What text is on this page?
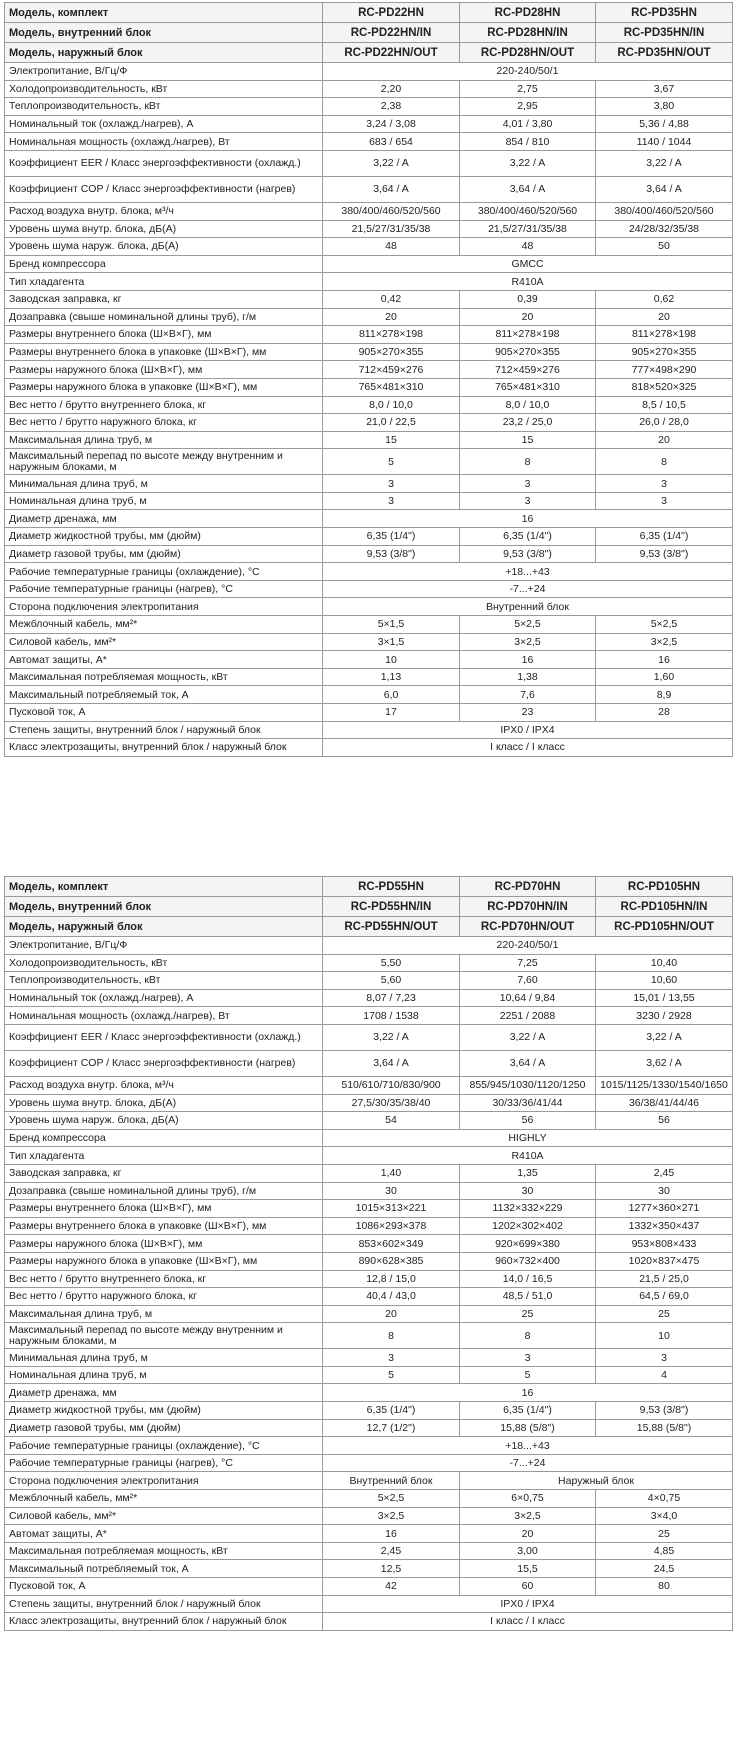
Модель, комплект	RC-PD22HN	RC-PD28HN	RC-PD35HN
Модель, внутренний блок	RC-PD22HN/IN	RC-PD28HN/IN	RC-PD35HN/IN
Модель, наружный блок	RC-PD22HN/OUT	RC-PD28HN/OUT	RC-PD35HN/OUT
Электропитание, В/Гц/Ф	220-240/50/1		
Холодопроизводительность, кВт	2,20	2,75	3,67
Теплопроизводительность, кВт	2,38	2,95	3,80
Номинальный ток (охлажд./нагрев), А	3,24 / 3,08	4,01 / 3,80	5,36 / 4,88
Номинальная мощность (охлажд./нагрев), Вт	683 / 654	854 / 810	1140 / 1044
Коэффициент EER / Класс энергоэффективности (охлажд.)	3,22 / A	3,22 / A	3,22 / A
Коэффициент COP / Класс энергоэффективности (нагрев)	3,64 / A	3,64 / A	3,64 / A
Расход воздуха внутр. блока, м³/ч	380/400/460/520/560	380/400/460/520/560	380/400/460/520/560
Уровень шума внутр. блока, дБ(А)	21,5/27/31/35/38	21,5/27/31/35/38	24/28/32/35/38
Уровень шума наруж. блока, дБ(А)	48	48	50
Бренд компрессора	GMCC		
Тип хладагента	R410A		
Заводская заправка, кг	0,42	0,39	0,62
Дозаправка (свыше номинальной длины труб), г/м	20	20	20
Размеры внутреннего блока (Ш×В×Г), мм	811×278×198	811×278×198	811×278×198
Размеры внутреннего блока в упаковке (Ш×В×Г), мм	905×270×355	905×270×355	905×270×355
Размеры наружного блока (Ш×В×Г), мм	712×459×276	712×459×276	777×498×290
Размеры наружного блока в упаковке (Ш×В×Г), мм	765×481×310	765×481×310	818×520×325
Вес нетто / брутто внутреннего блока, кг	8,0 / 10,0	8,0 / 10,0	8,5 / 10,5
Вес нетто / брутто наружного блока, кг	21,0 / 22,5	23,2 / 25,0	26,0 / 28,0
Максимальная длина труб, м	15	15	20
Максимальный перепад по высоте между внутренним и наружным блоками, м	5	8	8
Минимальная длина труб, м	3	3	3
Номинальная длина труб, м	3	3	3
Диаметр дренажа, мм	16		
Диаметр жидкостной трубы, мм (дюйм)	6,35 (1/4")	6,35 (1/4")	6,35 (1/4")
Диаметр газовой трубы, мм (дюйм)	9,53 (3/8")	9,53 (3/8")	9,53 (3/8")
Рабочие температурные границы (охлаждение), °С	+18...+43		
Рабочие температурные границы (нагрев), °С	-7...+24		
Сторона подключения электропитания	Внутренний блок		
Межблочный кабель, мм²*	5×1,5	5×2,5	5×2,5
Силовой кабель, мм²*	3×1,5	3×2,5	3×2,5
Автомат защиты, А*	10	16	16
Максимальная потребляемая мощность, кВт	1,13	1,38	1,60
Максимальный потребляемый ток, А	6,0	7,6	8,9
Пусковой ток, А	17	23	28
Степень защиты, внутренний блок / наружный блок	IPX0 / IPX4		
Класс электрозащиты, внутренний блок / наружный блок	I класс / I класс		
Модель, комплект	RC-PD55HN	RC-PD70HN	RC-PD105HN
Модель, внутренний блок	RC-PD55HN/IN	RC-PD70HN/IN	RC-PD105HN/IN
Модель, наружный блок	RC-PD55HN/OUT	RC-PD70HN/OUT	RC-PD105HN/OUT
Электропитание, В/Гц/Ф	220-240/50/1		
Холодопроизводительность, кВт	5,50	7,25	10,40
Теплопроизводительность, кВт	5,60	7,60	10,60
Номинальный ток (охлажд./нагрев), А	8,07 / 7,23	10,64 / 9,84	15,01 / 13,55
Номинальная мощность (охлажд./нагрев), Вт	1708 / 1538	2251 / 2088	3230 / 2928
Коэффициент EER / Класс энергоэффективности (охлажд.)	3,22 / A	3,22 / A	3,22 / A
Коэффициент COP / Класс энергоэффективности (нагрев)	3,64 / A	3,64 / A	3,62 / A
Расход воздуха внутр. блока, м³/ч	510/610/710/830/900	855/945/1030/1120/1250	1015/1125/1330/1540/1650
Уровень шума внутр. блока, дБ(А)	27,5/30/35/38/40	30/33/36/41/44	36/38/41/44/46
Уровень шума наруж. блока, дБ(А)	54	56	56
Бренд компрессора	HIGHLY		
Тип хладагента	R410A		
Заводская заправка, кг	1,40	1,35	2,45
Дозаправка (свыше номинальной длины труб), г/м	30	30	30
Размеры внутреннего блока (Ш×В×Г), мм	1015×313×221	1132×332×229	1277×360×271
Размеры внутреннего блока в упаковке (Ш×В×Г), мм	1086×293×378	1202×302×402	1332×350×437
Размеры наружного блока (Ш×В×Г), мм	853×602×349	920×699×380	953×808×433
Размеры наружного блока в упаковке (Ш×В×Г), мм	890×628×385	960×732×400	1020×837×475
Вес нетто / брутто внутреннего блока, кг	12,8 / 15,0	14,0 / 16,5	21,5 / 25,0
Вес нетто / брутто наружного блока, кг	40,4 / 43,0	48,5 / 51,0	64,5 / 69,0
Максимальная длина труб, м	20	25	25
Максимальный перепад по высоте между внутренним и наружным блоками, м	8	8	10
Минимальная длина труб, м	3	3	3
Номинальная длина труб, м	5	5	4
Диаметр дренажа, мм	16		
Диаметр жидкостной трубы, мм (дюйм)	6,35 (1/4")	6,35 (1/4")	9,53 (3/8")
Диаметр газовой трубы, мм (дюйм)	12,7 (1/2")	15,88 (5/8")	15,88 (5/8")
Рабочие температурные границы (охлаждение), °С	+18...+43		
Рабочие температурные границы (нагрев), °С	-7...+24		
Сторона подключения электропитания	Внутренний блок	Наружный блок	
Межблочный кабель, мм²*	5×2,5	6×0,75	4×0,75
Силовой кабель, мм²*	3×2,5	3×2,5	3×4,0
Автомат защиты, А*	16	20	25
Максимальная потребляемая мощность, кВт	2,45	3,00	4,85
Максимальный потребляемый ток, А	12,5	15,5	24,5
Пусковой ток, А	42	60	80
Степень защиты, внутренний блок / наружный блок	IPX0 / IPX4		
Класс электрозащиты, внутренний блок / наружный блок	I класс / I класс		
